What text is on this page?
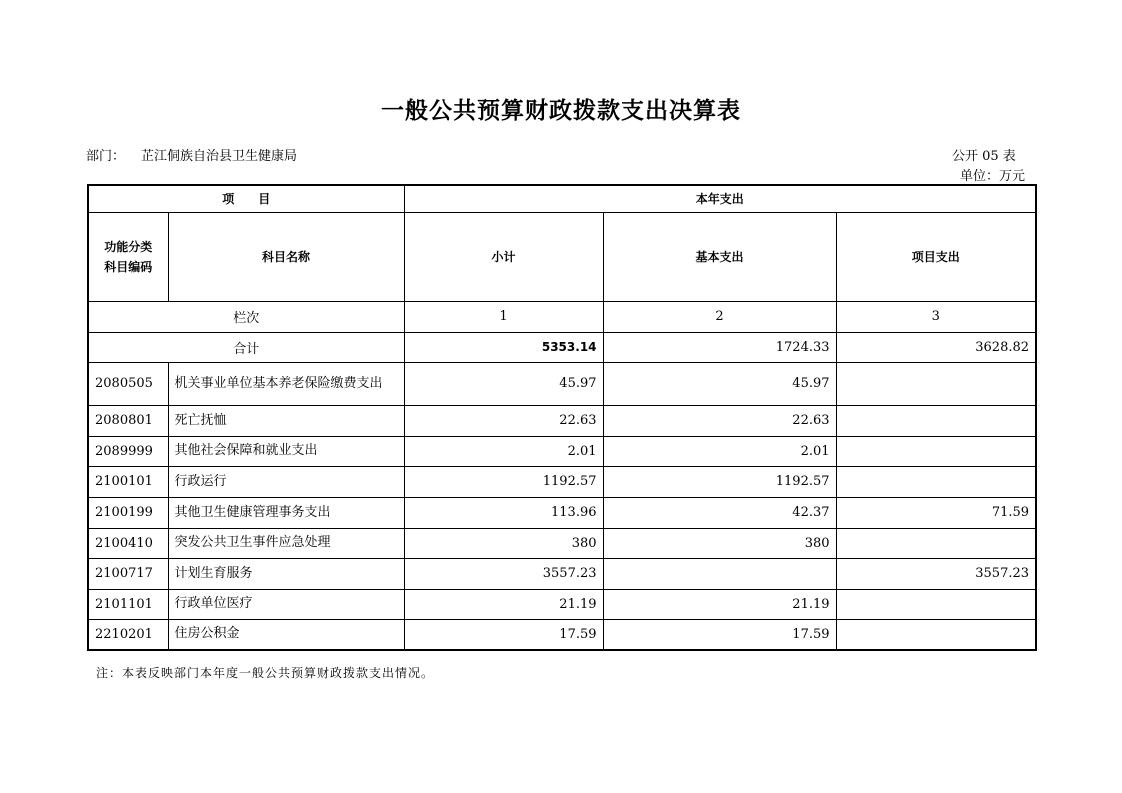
一般公共预算财政拨款支出决算表
部门： 芷江侗族自治县卫生健康局	公开 05 表
单位：万元
项　　目		本年支出		
功能分类
科目编码	科目名称	小计	基本支出	项目支出
栏次		1	2	3
合计		5353.14	1724.33	3628.82
2080505	机关事业单位基本养老保险缴费支出	45.97	45.97	
2080801	死亡抚恤	22.63	22.63	
2089999	其他社会保障和就业支出	2.01	2.01	
2100101	行政运行	1192.57	1192.57	
2100199	其他卫生健康管理事务支出	113.96	42.37	71.59
2100410	突发公共卫生事件应急处理	380	380	
2100717	计划生育服务	3557.23		3557.23
2101101	行政单位医疗	21.19	21.19	
2210201	住房公积金	17.59	17.59	
注：本表反映部门本年度一般公共预算财政拨款支出情况。
